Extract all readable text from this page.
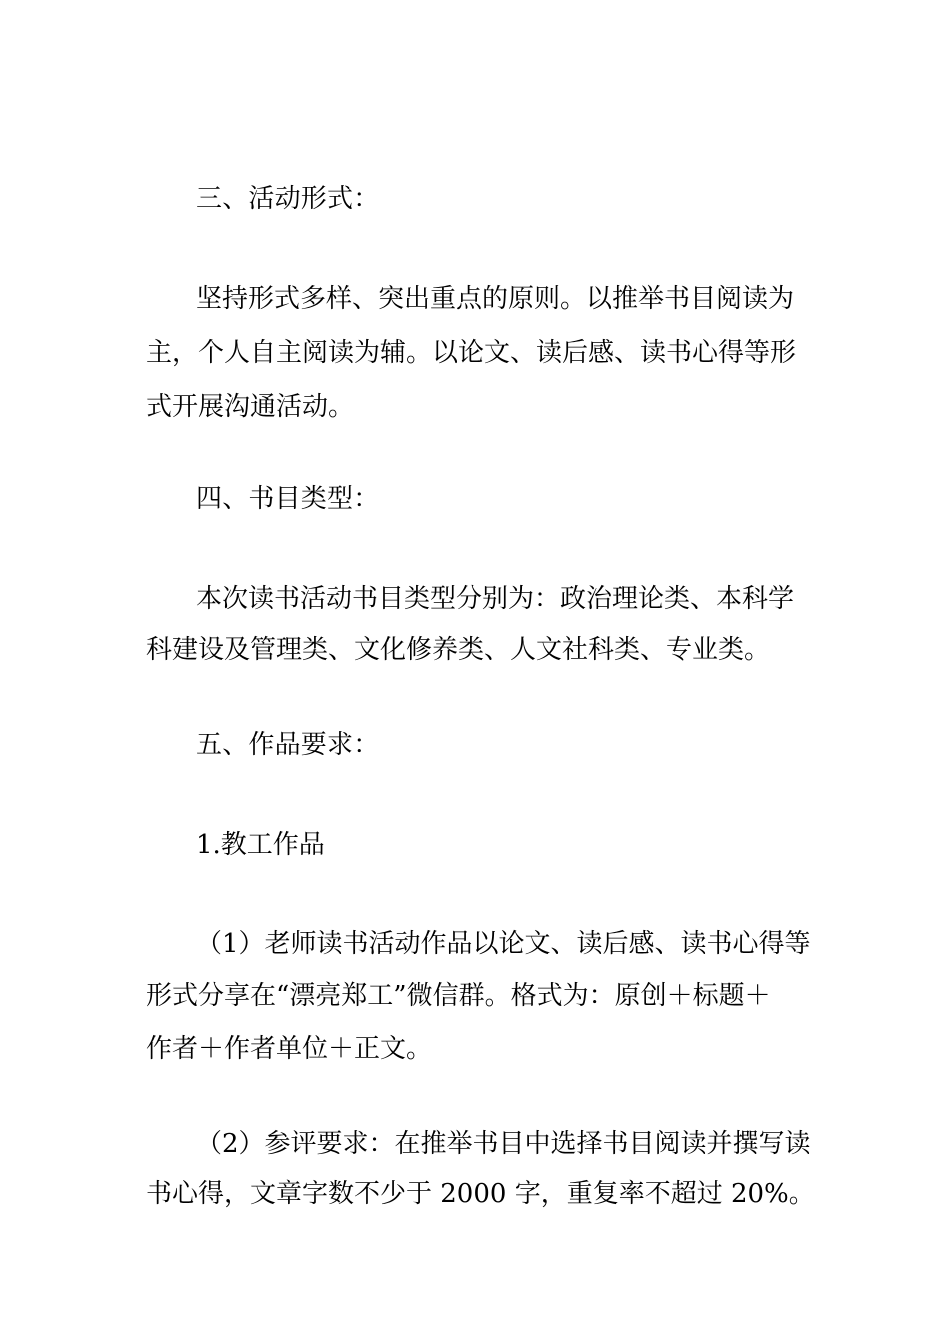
三、活动形式：
坚持形式多样、突出重点的原则。以推举书目阅读为
主，个人自主阅读为辅。以论文、读后感、读书心得等形
式开展沟通活动。
四、书目类型：
本次读书活动书目类型分别为：政治理论类、本科学
科建设及管理类、文化修养类、人文社科类、专业类。
五、作品要求：
1.教工作品
（1）老师读书活动作品以论文、读后感、读书心得等
形式分享在“漂亮郑工”微信群。格式为：原创＋标题＋
作者＋作者单位＋正文。
（2）参评要求：在推举书目中选择书目阅读并撰写读
书心得，文章字数不少于 2000 字，重复率不超过 20%。
